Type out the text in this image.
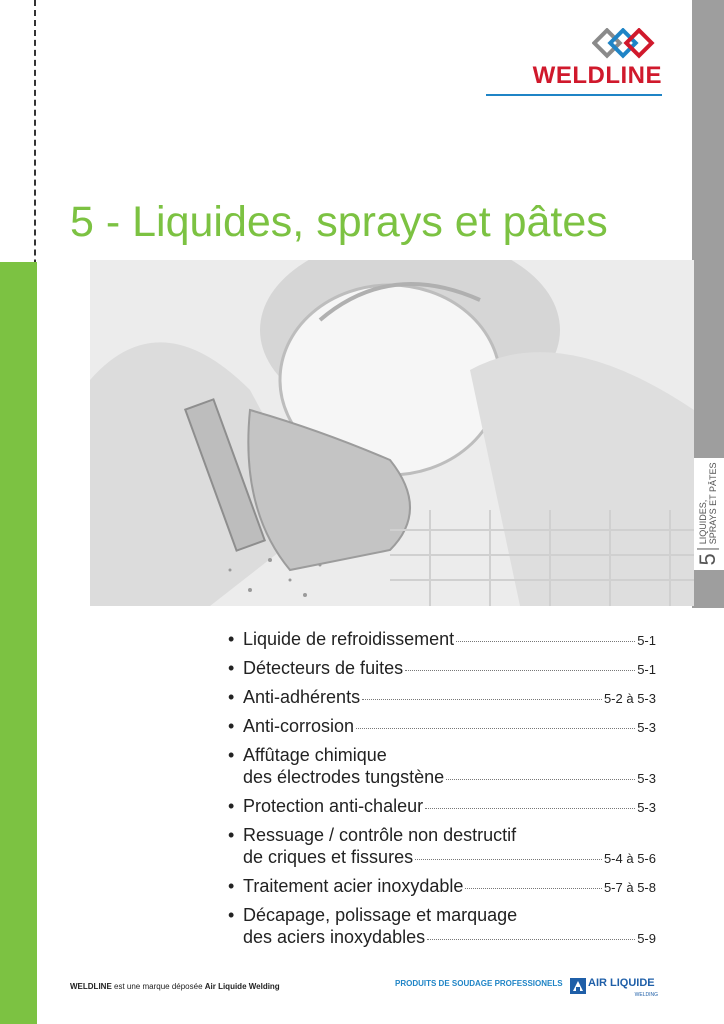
5
LIQUIDES,
SPRAYS ET PÂTES
WELDLINE
5 - Liquides, sprays et pâtes
• Liquide de refroidissement	5-1
• Détecteurs de fuites	5-1
• Anti-adhérents	5-2 à 5-3
• Anti-corrosion	5-3
• Affûtage chimique
des électrodes tungstène	5-3
• Protection anti-chaleur	5-3
• Ressuage / contrôle non destructif
de criques et fissures	5-4 à 5-6
• Traitement acier inoxydable	5-7 à 5-8
• Décapage, polissage et marquage
des aciers inoxydables	5-9
WELDLINE est une marque déposée Air Liquide Welding	PRODUITS DE SOUDAGE PROFESSIONELS AIR LIQUIDE
WELDING
